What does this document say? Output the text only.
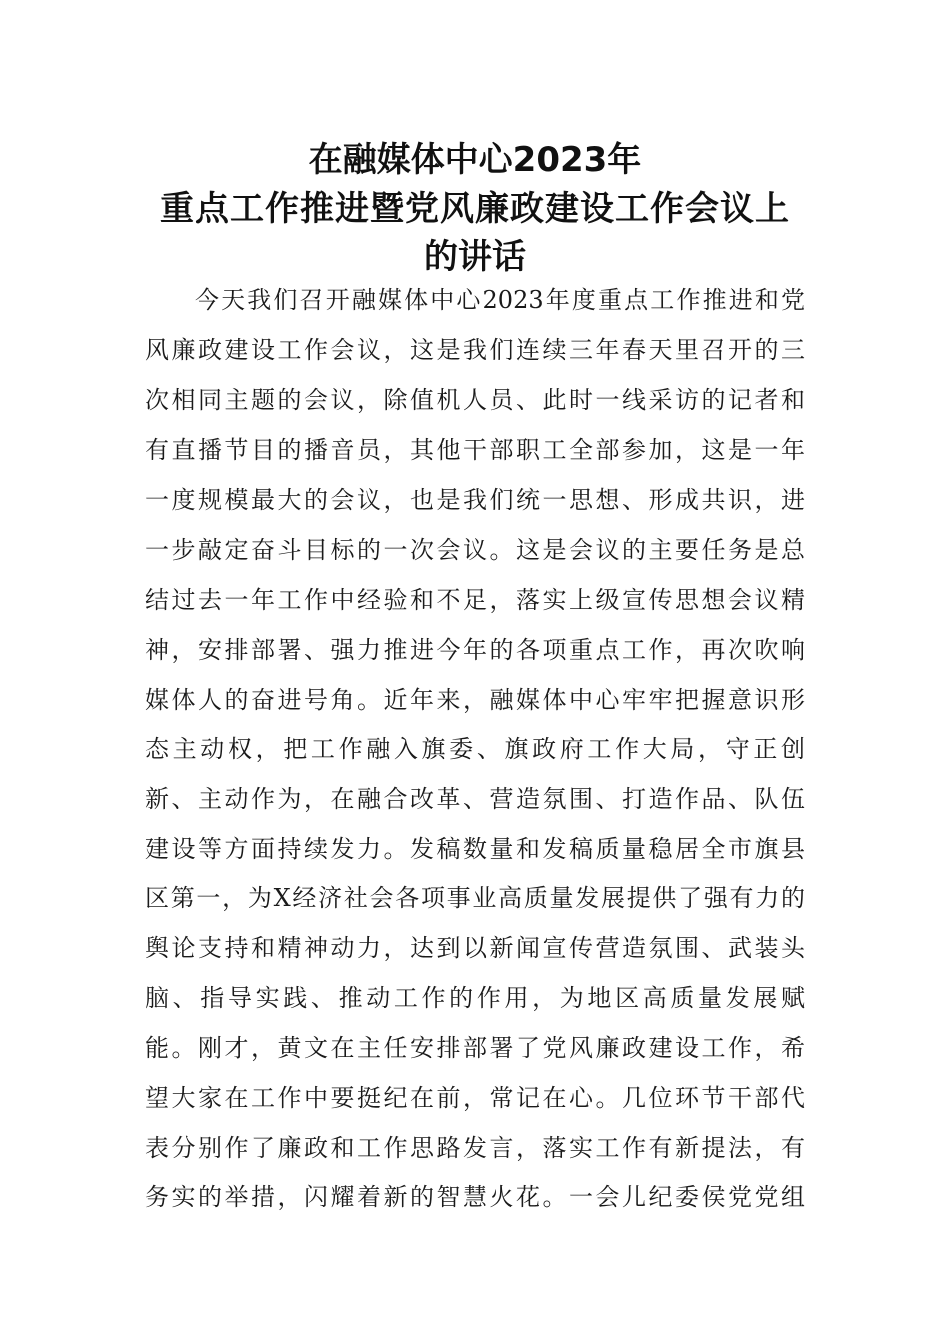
在融媒体中心2023年
重点工作推进暨党风廉政建设工作会议上
的讲话
今天我们召开融媒体中心2023年度重点工作推进和党
风廉政建设工作会议，这是我们连续三年春天里召开的三
次相同主题的会议，除值机人员、此时一线采访的记者和
有直播节目的播音员，其他干部职工全部参加，这是一年
一度规模最大的会议，也是我们统一思想、形成共识，进
一步敲定奋斗目标的一次会议。这是会议的主要任务是总
结过去一年工作中经验和不足，落实上级宣传思想会议精
神，安排部署、强力推进今年的各项重点工作，再次吹响
媒体人的奋进号角。近年来，融媒体中心牢牢把握意识形
态主动权，把工作融入旗委、旗政府工作大局，守正创
新、主动作为，在融合改革、营造氛围、打造作品、队伍
建设等方面持续发力。发稿数量和发稿质量稳居全市旗县
区第一，为X经济社会各项事业高质量发展提供了强有力的
舆论支持和精神动力，达到以新闻宣传营造氛围、武装头
脑、指导实践、推动工作的作用，为地区高质量发展赋
能。刚才，黄文在主任安排部署了党风廉政建设工作，希
望大家在工作中要挺纪在前，常记在心。几位环节干部代
表分别作了廉政和工作思路发言，落实工作有新提法，有
务实的举措，闪耀着新的智慧火花。一会儿纪委侯党党组
